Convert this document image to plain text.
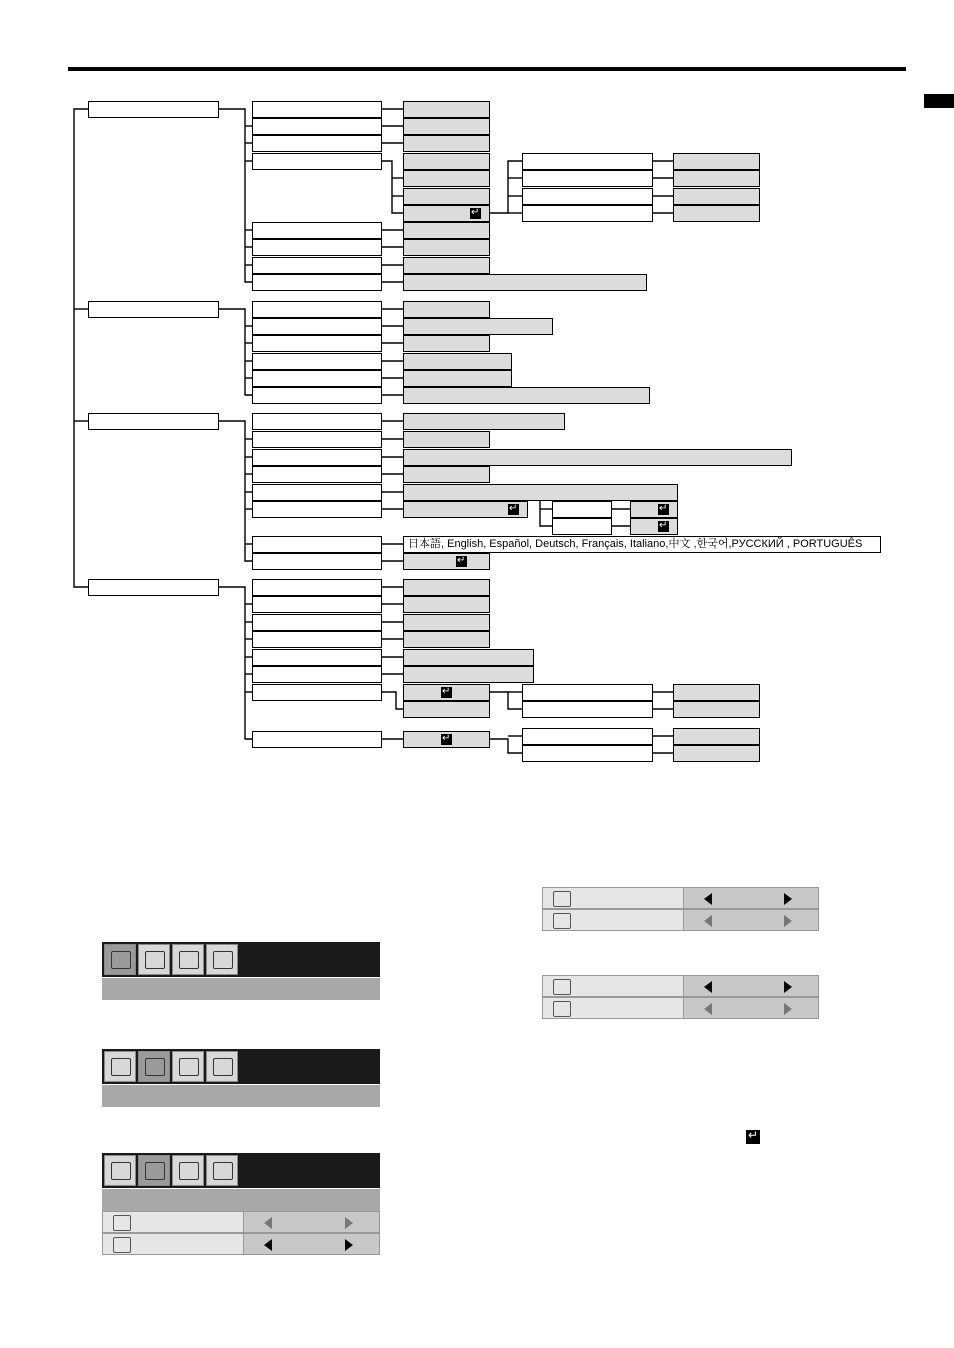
↵
↵
↵
↵
日本語, English, Español, Deutsch, Français, Italiano,中文 ,한국어,РУССКИЙ , PORTUGUÊS
↵
↵
↵
↵
